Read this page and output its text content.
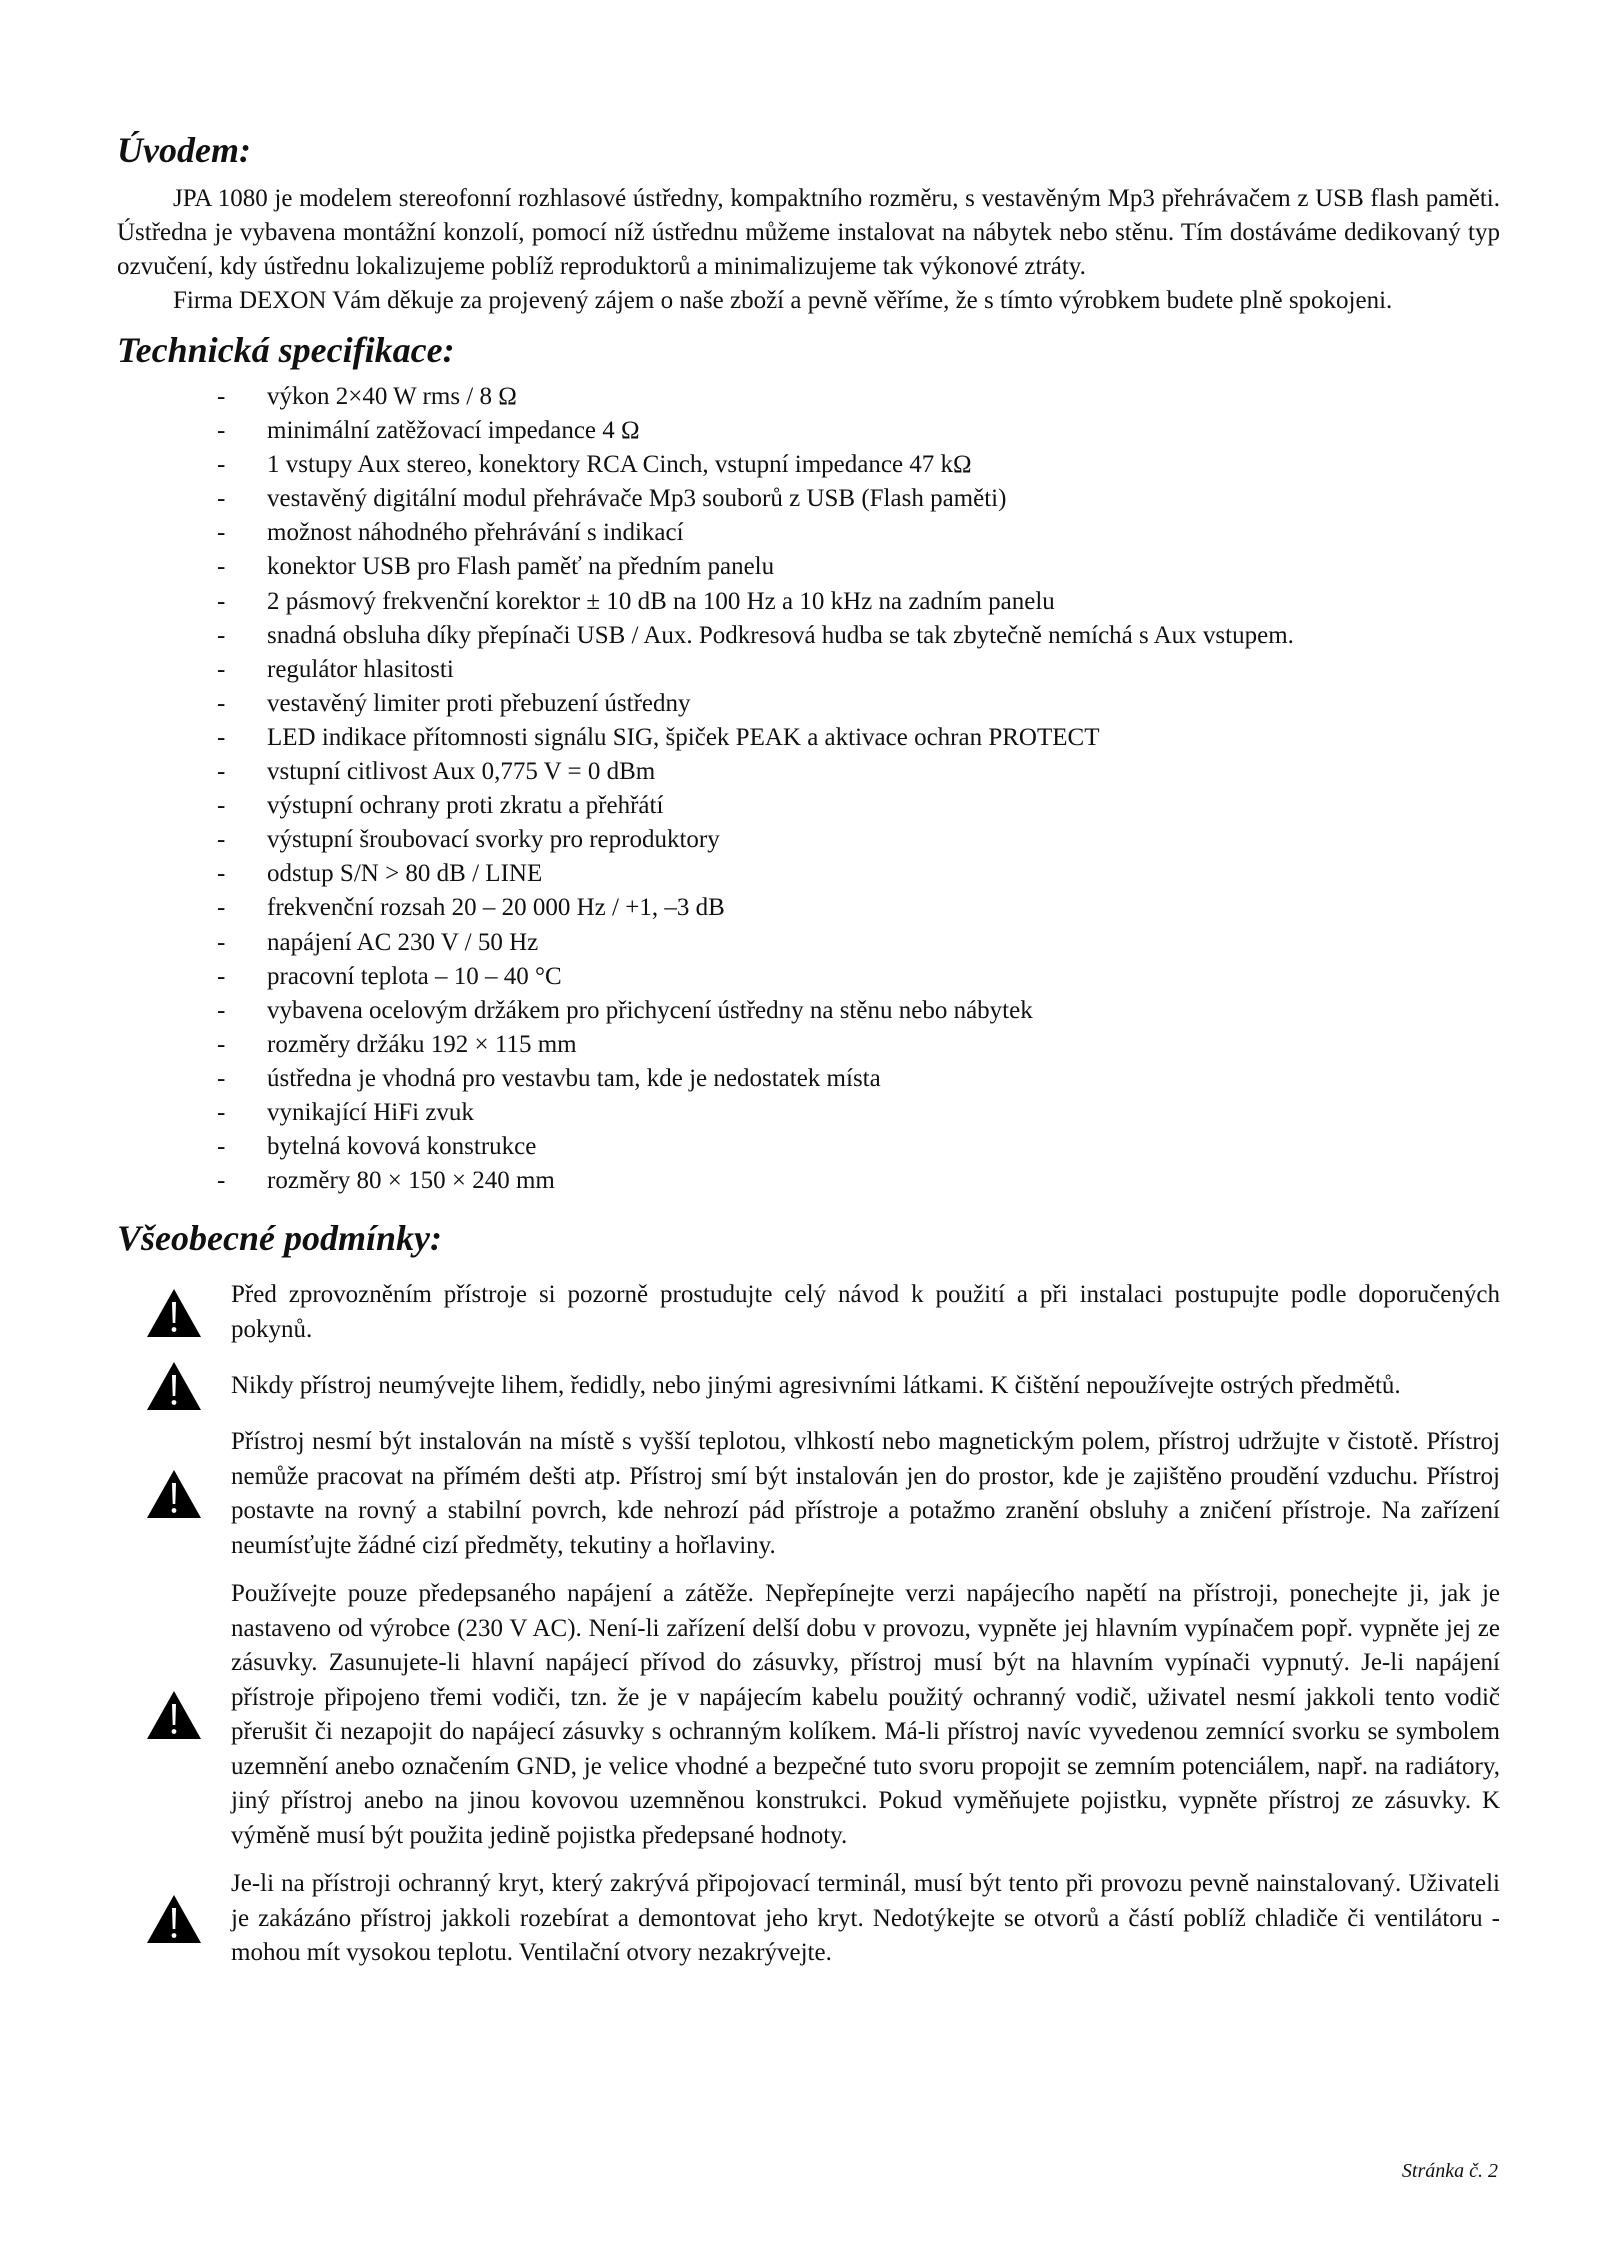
Úvodem:

JPA 1080 je modelem stereofonní rozhlasové ústředny, kompaktního rozměru, s vestavěným Mp3 přehrávačem z USB flash paměti. Ústředna je vybavena montážní konzolí, pomocí níž ústřednu můžeme instalovat na nábytek nebo stěnu. Tím dostáváme dedikovaný typ ozvučení, kdy ústřednu lokalizujeme poblíž reproduktorů a minimalizujeme tak výkonové ztráty.

Firma DEXON Vám děkuje za projevený zájem o naše zboží a pevně věříme, že s tímto výrobkem budete plně spokojeni.

Technická specifikace:
- výkon 2×40 W rms / 8 Ω
- minimální zatěžovací impedance 4 Ω
- 1 vstupy Aux stereo, konektory RCA Cinch, vstupní impedance 47 kΩ
- vestavěný digitální modul přehrávače Mp3 souborů z USB (Flash paměti)
- možnost náhodného přehrávání s indikací
- konektor USB pro Flash paměť na předním panelu
- 2 pásmový frekvenční korektor ± 10 dB na 100 Hz a 10 kHz na zadním panelu
- snadná obsluha díky přepínači USB / Aux. Podkresová hudba se tak zbytečně nemíchá s Aux vstupem.
- regulátor hlasitosti
- vestavěný limiter proti přebuzení ústředny
- LED indikace přítomnosti signálu SIG, špiček PEAK a aktivace ochran PROTECT
- vstupní citlivost Aux 0,775 V = 0 dBm
- výstupní ochrany proti zkratu a přehřátí
- výstupní šroubovací svorky pro reproduktory
- odstup S/N > 80 dB / LINE
- frekvenční rozsah 20 – 20 000 Hz / +1, –3 dB
- napájení AC 230 V / 50 Hz
- pracovní teplota – 10 – 40 °C
- vybavena ocelovým držákem pro přichycení ústředny na stěnu nebo nábytek
- rozměry držáku 192 × 115 mm
- ústředna je vhodná pro vestavbu tam, kde je nedostatek místa
- vynikající HiFi zvuk
- bytelná kovová konstrukce
- rozměry 80 × 150 × 240 mm
Všeobecné podmínky:

Před zprovozněním přístroje si pozorně prostudujte celý návod k použití a při instalaci postupujte podle doporučených pokynů.

Nikdy přístroj neumývejte lihem, ředidly, nebo jinými agresivními látkami. K čištění nepoužívejte ostrých předmětů.

Přístroj nesmí být instalován na místě s vyšší teplotou, vlhkostí nebo magnetickým polem, přístroj udržujte v čistotě. Přístroj nemůže pracovat na přímém dešti atp. Přístroj smí být instalován jen do prostor, kde je zajištěno proudění vzduchu. Přístroj postavte na rovný a stabilní povrch, kde nehrozí pád přístroje a potažmo zranění obsluhy a zničení přístroje. Na zařízení neumísťujte žádné cizí předměty, tekutiny a hořlaviny.

Používejte pouze předepsaného napájení a zátěže. Nepřepínejte verzi napájecího napětí na přístroji, ponechejte ji, jak je nastaveno od výrobce (230 V AC). Není-li zařízení delší dobu v provozu, vypněte jej hlavním vypínačem popř. vypněte jej ze zásuvky. Zasunujete-li hlavní napájecí přívod do zásuvky, přístroj musí být na hlavním vypínači vypnutý. Je-li napájení přístroje připojeno třemi vodiči, tzn. že je v napájecím kabelu použitý ochranný vodič, uživatel nesmí jakkoli tento vodič přerušit či nezapojit do napájecí zásuvky s ochranným kolíkem. Má-li přístroj navíc vyvedenou zemnící svorku se symbolem uzemnění anebo označením GND, je velice vhodné a bezpečné tuto svoru propojit se zemním potenciálem, např. na radiátory, jiný přístroj anebo na jinou kovovou uzemněnou konstrukci. Pokud vyměňujete pojistku, vypněte přístroj ze zásuvky. K výměně musí být použita jedině pojistka předepsané hodnoty.

Je-li na přístroji ochranný kryt, který zakrývá připojovací terminál, musí být tento při provozu pevně nainstalovaný. Uživateli je zakázáno přístroj jakkoli rozebírat a demontovat jeho kryt. Nedotýkejte se otvorů a částí poblíž chladiče či ventilátoru - mohou mít vysokou teplotu. Ventilační otvory nezakrývejte.

Stránka č. 2
